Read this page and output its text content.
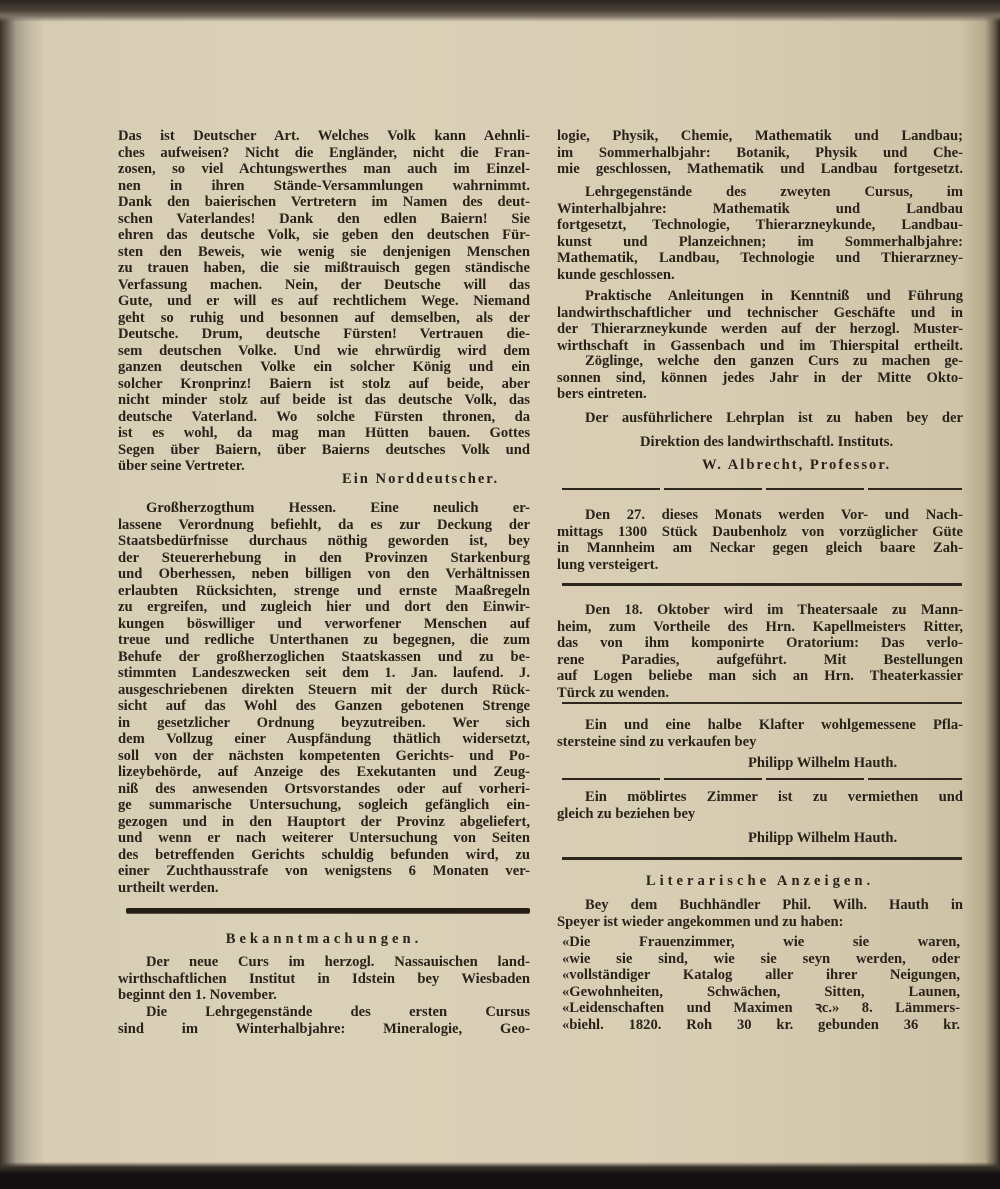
Das ist Deutscher Art. Welches Volk kann Aehnli-
ches aufweisen? Nicht die Engländer, nicht die Fran-
zosen, so viel Achtungswerthes man auch im Einzel-
nen in ihren Stände-Versammlungen wahrnimmt.
Dank den baierischen Vertretern im Namen des deut-
schen Vaterlandes! Dank den edlen Baiern! Sie
ehren das deutsche Volk, sie geben den deutschen Für-
sten den Beweis, wie wenig sie denjenigen Menschen
zu trauen haben, die sie mißtrauisch gegen ständische
Verfassung machen. Nein, der Deutsche will das
Gute, und er will es auf rechtlichem Wege. Niemand
geht so ruhig und besonnen auf demselben, als der
Deutsche. Drum, deutsche Fürsten! Vertrauen die-
sem deutschen Volke. Und wie ehrwürdig wird dem
ganzen deutschen Volke ein solcher König und ein
solcher Kronprinz! Baiern ist stolz auf beide, aber
nicht minder stolz auf beide ist das deutsche Volk, das
deutsche Vaterland. Wo solche Fürsten thronen, da
ist es wohl, da mag man Hütten bauen. Gottes
Segen über Baiern, über Baierns deutsches Volk und
über seine Vertreter.
Ein Norddeutscher.
Großherzogthum Hessen. Eine neulich er-
lassene Verordnung befiehlt, da es zur Deckung der
Staatsbedürfnisse durchaus nöthig geworden ist, bey
der Steuererhebung in den Provinzen Starkenburg
und Oberhessen, neben billigen von den Verhältnissen
erlaubten Rücksichten, strenge und ernste Maaßregeln
zu ergreifen, und zugleich hier und dort den Einwir-
kungen böswilliger und verworfener Menschen auf
treue und redliche Unterthanen zu begegnen, die zum
Behufe der großherzoglichen Staatskassen und zu be-
stimmten Landeszwecken seit dem 1. Jan. laufend. J.
ausgeschriebenen direkten Steuern mit der durch Rück-
sicht auf das Wohl des Ganzen gebotenen Strenge
in gesetzlicher Ordnung beyzutreiben. Wer sich
dem Vollzug einer Auspfändung thätlich widersetzt,
soll von der nächsten kompetenten Gerichts- und Po-
lizeybehörde, auf Anzeige des Exekutanten und Zeug-
niß des anwesenden Ortsvorstandes oder auf vorheri-
ge summarische Untersuchung, sogleich gefänglich ein-
gezogen und in den Hauptort der Provinz abgeliefert,
und wenn er nach weiterer Untersuchung von Seiten
des betreffenden Gerichts schuldig befunden wird, zu
einer Zuchthausstrafe von wenigstens 6 Monaten ver-
urtheilt werden.
Bekanntmachungen.
Der neue Curs im herzogl. Nassauischen land-
wirthschaftlichen Institut in Idstein bey Wiesbaden
beginnt den 1. November.
Die Lehrgegenstände des ersten Cursus
sind im Winterhalbjahre: Mineralogie, Geo-
logie, Physik, Chemie, Mathematik und Landbau;
im Sommerhalbjahr: Botanik, Physik und Che-
mie geschlossen, Mathematik und Landbau fortgesetzt.
Lehrgegenstände des zweyten Cursus, im
Winterhalbjahre: Mathematik und Landbau
fortgesetzt, Technologie, Thierarzneykunde, Landbau-
kunst und Planzeichnen; im Sommerhalbjahre:
Mathematik, Landbau, Technologie und Thierarzney-
kunde geschlossen.
Praktische Anleitungen in Kenntniß und Führung
landwirthschaftlicher und technischer Geschäfte und in
der Thierarzneykunde werden auf der herzogl. Muster-
wirthschaft in Gassenbach und im Thierspital ertheilt.
Zöglinge, welche den ganzen Curs zu machen ge-
sonnen sind, können jedes Jahr in der Mitte Okto-
bers eintreten.
Der ausführlichere Lehrplan ist zu haben bey der
Direktion des landwirthschaftl. Instituts.
W. Albrecht, Professor.
Den 27. dieses Monats werden Vor- und Nach-
mittags 1300 Stück Daubenholz von vorzüglicher Güte
in Mannheim am Neckar gegen gleich baare Zah-
lung versteigert.
Den 18. Oktober wird im Theatersaale zu Mann-
heim, zum Vortheile des Hrn. Kapellmeisters Ritter,
das von ihm komponirte Oratorium: Das verlo-
rene Paradies, aufgeführt. Mit Bestellungen
auf Logen beliebe man sich an Hrn. Theaterkassier
Türck zu wenden.
Ein und eine halbe Klafter wohlgemessene Pfla-
stersteine sind zu verkaufen bey
Philipp Wilhelm Hauth.
Ein möblirtes Zimmer ist zu vermiethen und
gleich zu beziehen bey
Philipp Wilhelm Hauth.
Literarische Anzeigen.
Bey dem Buchhändler Phil. Wilh. Hauth in
Speyer ist wieder angekommen und zu haben:
«Die Frauenzimmer, wie sie waren,
«wie sie sind, wie sie seyn werden, oder
«vollständiger Katalog aller ihrer Neigungen,
«Gewohnheiten, Schwächen, Sitten, Launen,
«Leidenschaften und Maximen ꝛc.» 8. Lämmers-
«biehl. 1820. Roh 30 kr. gebunden 36 kr.
